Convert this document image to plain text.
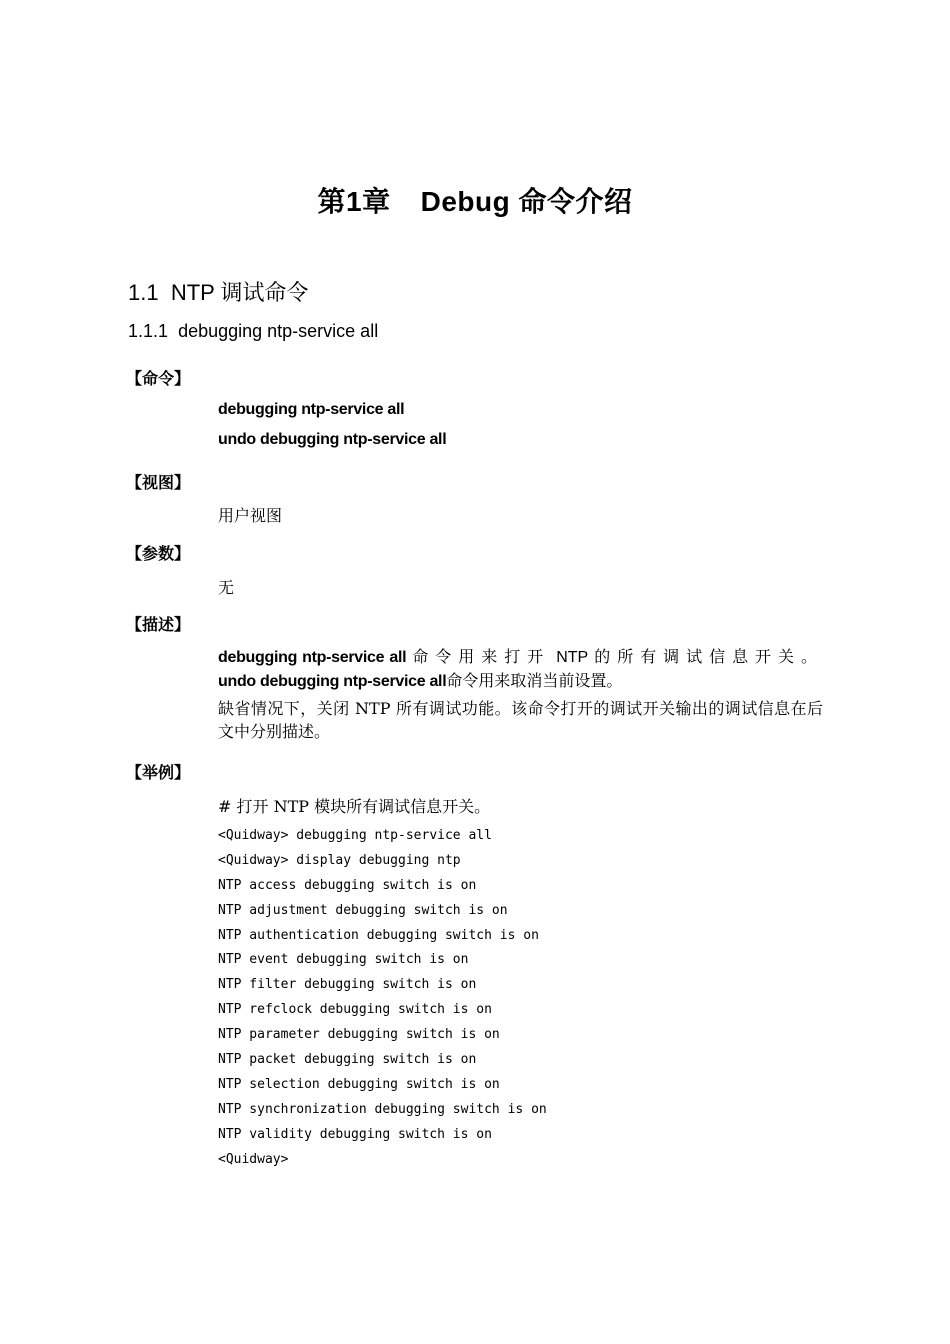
第1章 Debug 命令介绍
1.1 NTP 调试命令
1.1.1 debugging ntp-service all
【命令】
debugging ntp-service all
undo debugging ntp-service all
【视图】
用户视图
【参数】
无
【描述】
debugging ntp-service all 命令用来打开 NTP 的所有调试信息开关。 undo debugging ntp-service all命令用来取消当前设置。
缺省情况下，关闭 NTP 所有调试功能。该命令打开的调试开关输出的调试信息在后文中分别描述。
【举例】
# 打开 NTP 模块所有调试信息开关。
<Quidway> debugging ntp-service all
<Quidway> display debugging ntp
NTP access debugging switch is on
NTP adjustment debugging switch is on
NTP authentication debugging switch is on
NTP event debugging switch is on
NTP filter debugging switch is on
NTP refclock debugging switch is on
NTP parameter debugging switch is on
NTP packet debugging switch is on
NTP selection debugging switch is on
NTP synchronization debugging switch is on
NTP validity debugging switch is on
<Quidway>
